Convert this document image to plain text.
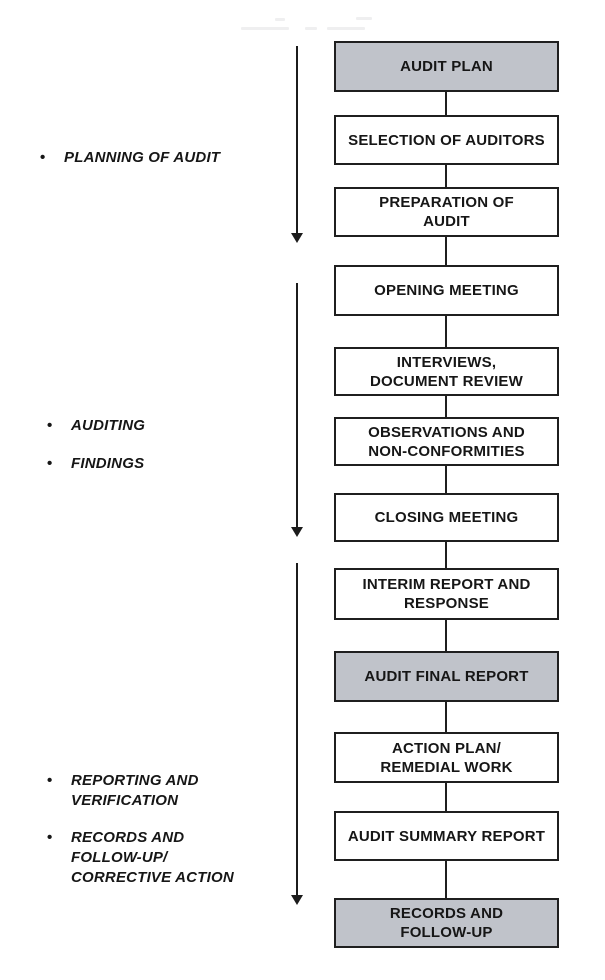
AUDIT PLAN
SELECTION OF AUDITORS
PREPARATION OF
AUDIT
OPENING MEETING
INTERVIEWS,
DOCUMENT REVIEW
OBSERVATIONS AND
NON-CONFORMITIES
CLOSING MEETING
INTERIM REPORT AND
RESPONSE
AUDIT FINAL REPORT
ACTION PLAN/
REMEDIAL WORK
AUDIT SUMMARY REPORT
RECORDS AND
FOLLOW-UP
• PLANNING OF AUDIT
• AUDITING
• FINDINGS
• REPORTING AND
VERIFICATION
• RECORDS AND
FOLLOW-UP/
CORRECTIVE ACTION
